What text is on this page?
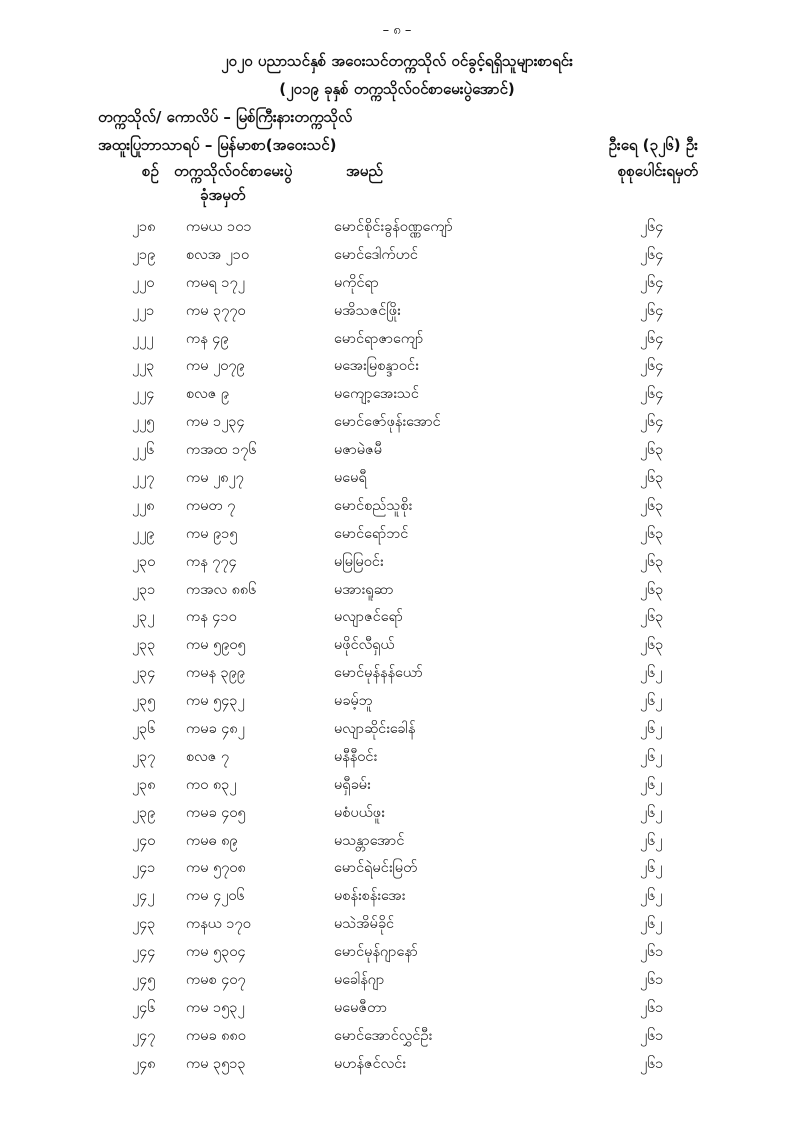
– ၈ –
၂၀၂၀ ပညာသင်နှစ် အဝေးသင်တက္ကသိုလ် ဝင်ခွင့်ရရှိသူများစာရင်း
(၂၀၁၉ ခုနှစ် တက္ကသိုလ်ဝင်စာမေးပွဲအောင်)
တက္ကသိုလ်/ ကောလိပ် – မြစ်ကြီးနားတက္ကသိုလ်
အထူးပြုဘာသာရပ် – မြန်မာစာ(အဝေးသင်)	ဦးရေ (၃၂၆) ဦး
စဉ် တက္ကသိုလ်ဝင်စာမေးပွဲ
ခုံအမှတ်
အမည်	စုစုပေါင်းရမှတ်
၂၁၈ ကမယ ၁၀၁	မောင်စိုင်းခွန်ဝဏ္ဏကျော်	၂၆၄
၂၁၉ စလအ ၂၁၀	မောင်ဒေါက်ဟင်	၂၆၄
၂၂၀ ကမရ ၁၇၂	မကိုင်ရာ	၂၆၄
၂၂၁ ကမ ၃၇၇၀	မအိသဇင်ဖြိုး	၂၆၄
၂၂၂ ကန ၄၉	မောင်ရာဇာကျော်	၂၆၄
၂၂၃ ကမ ၂၀၇၉	မအေးမြစန္ဒာဝင်း	၂၆၄
၂၂၄ စလဇ ၉	မကျော့အေးသင်	၂၆၄
၂၂၅ ကမ ၁၂၃၄	မောင်ဇော်ဖုန်းအောင်	၂၆၄
၂၂၆ ကအထ ၁၇၆	မဇာမဲဇမီ	၂၆၃
၂၂၇ ကမ ၂၈၂၇	မမေရီ	၂၆၃
၂၂၈ ကမတ ၇	မောင်စည်သူစိုး	၂၆၃
၂၂၉ ကမ ၉၁၅	မောင်ရော်ဘင်	၂၆၃
၂၃၀ ကန ၇၇၄	မမြမြဝင်း	၂၆၃
၂၃၁ ကအလ ၈၈၆	မအားရူဆာ	၂၆၃
၂၃၂ ကန ၄၁၀	မလျာဇင်ရော်	၂၆၃
၂၃၃ ကမ ၅၉၀၅	မဖိုင်လီရှယ်	၂၆၃
၂၃၄ ကမန ၃၉၉	မောင်မုန်နန်ယော်	၂၆၂
၂၃၅ ကမ ၅၄၃၂	မခမ့်ဘူ	၂၆၂
၂၃၆ ကမခ ၄၈၂	မလျာဆိုင်းခေါန်	၂၆၂
၂၃၇ စလဇ ၇	မနီနီဝင်း	၂၆၂
၂၃၈ ကဝ ၈၃၂	မရှီခမ်း	၂၆၂
၂၃၉ ကမခ ၄၀၅	မစံပယ်ဖူး	၂၆၂
၂၄၀ ကမဓ ၈၉	မသန္တာအောင်	၂၆၂
၂၄၁ ကမ ၅၇၀၈	မောင်ရဲမင်းမြတ်	၂၆၂
၂၄၂ ကမ ၄၂၀၆	မစန်းစန်းအေး	၂၆၂
၂၄၃ ကနယ ၁၇၀	မသဲအိမ်ခိုင်	၂၆၂
၂၄၄ ကမ ၅၃၀၄	မောင်မုန်ဂျာနော်	၂၆၁
၂၄၅ ကမစ ၄၀၇	မခေါန်ဂျာ	၂၆၁
၂၄၆ ကမ ၁၅၃၂	မမေဇီတာ	၂၆၁
၂၄၇ ကမခ ၈၈၀	မောင်အောင်လွှင်ဦး	၂၆၁
၂၄၈ ကမ ၃၅၁၃	မဟန်ဇင်လင်း	၂၆၁
